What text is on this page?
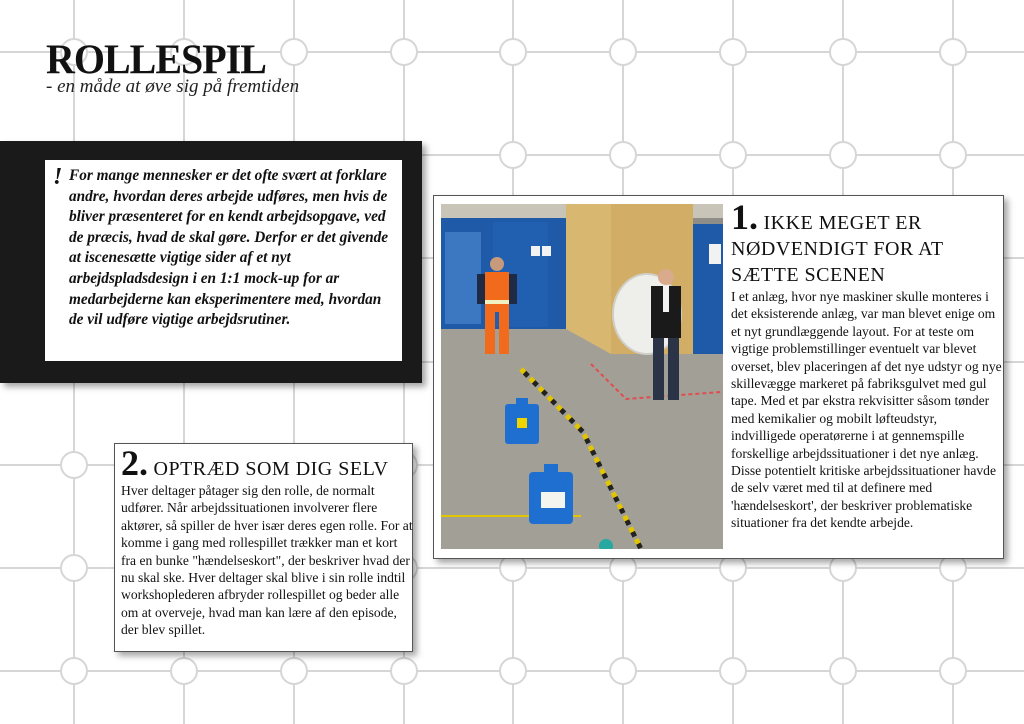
ROLLESPIL

- en måde at øve sig på fremtiden

! For mange mennesker er det ofte svært at forklare andre, hvordan deres arbejde udføres, men hvis de bliver præsenteret for en kendt arbejdsopgave, ved de præcis, hvad de skal gøre. Derfor er det givende at iscenesætte vigtige sider af et nyt arbejdspladsdesign i en 1:1 mock-up for ar medarbejderne kan eksperimentere med, hvordan de vil udføre vigtige arbejdsrutiner.

1. IKKE MEGET ER NØDVENDIGT FOR AT SÆTTE SCENEN

I et anlæg, hvor nye maskiner skulle monteres i det eksisterende anlæg, var man blevet enige om et nyt grundlæggende layout. For at teste om vigtige problemstillinger eventuelt var blevet overset, blev placeringen af det nye udstyr og nye skillevægge markeret på fabriksgulvet med gul tape. Med et par ekstra rekvisitter såsom tønder med kemikalier og mobilt løfteudstyr, indvilligede operatørerne i at gennemspille forskellige arbejdssituationer i det nye anlæg. Disse potentielt kritiske arbejdssituationer havde de selv været med til at definere med 'hændelseskort', der beskriver problematiske situationer fra det kendte arbejde.

2. OPTRÆD SOM DIG SELV

Hver deltager påtager sig den rolle, de normalt udfører. Når arbejdssituationen involverer flere aktører, så spiller de hver især deres egen rolle. For at komme i gang med rollespillet trækker man et kort fra en bunke "hændelseskort", der beskriver hvad der nu skal ske. Hver deltager skal blive i sin rolle indtil workshoplederen afbryder rollespillet og beder alle om at overveje, hvad man kan lære af den episode, der blev spillet.
